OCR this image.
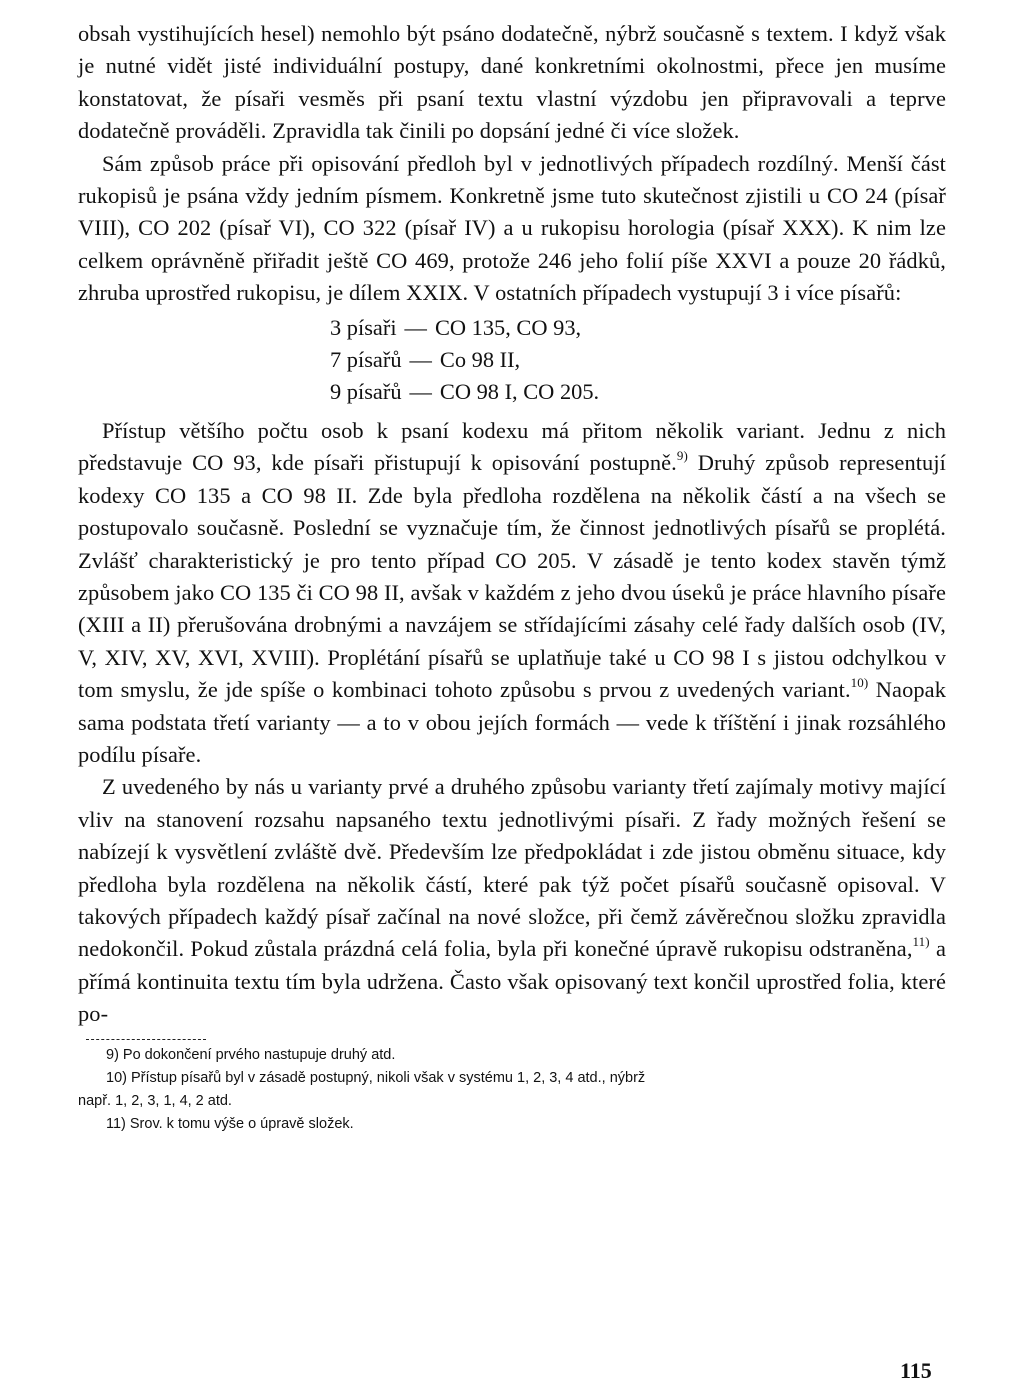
obsah vystihujících hesel) nemohlo být psáno dodatečně, nýbrž současně s textem. I když však je nutné vidět jisté individuální postupy, dané konkretními okolnostmi, přece jen musíme konstatovat, že písaři vesměs při psaní textu vlastní výzdobu jen připravovali a teprve dodatečně prováděli. Zpravidla tak činili po dopsání jedné či více složek.

Sám způsob práce při opisování předloh byl v jednotlivých případech rozdílný. Menší část rukopisů je psána vždy jedním písmem. Konkretně jsme tuto skutečnost zjistili u CO 24 (písař VIII), CO 202 (písař VI), CO 322 (písař IV) a u rukopisu horologia (písař XXX). K nim lze celkem oprávněně přiřadit ještě CO 469, protože 246 jeho folií píše XXVI a pouze 20 řádků, zhruba uprostřed rukopisu, je dílem XXIX. V ostatních případech vystupují 3 i více písařů:

3 písaři — CO 135, CO 93,
7 písařů — Co 98 II,
9 písařů — CO 98 I, CO 205.

Přístup většího počtu osob k psaní kodexu má přitom několik variant. Jednu z nich představuje CO 93, kde písaři přistupují k opisování postupně.$^{9)}$ Druhý způsob representují kodexy CO 135 a CO 98 II. Zde byla předloha rozdělena na několik částí a na všech se postupovalo současně. Poslední se vyznačuje tím, že činnost jednotlivých písařů se proplétá. Zvlášť charakteristický je pro tento případ CO 205. V zásadě je tento kodex stavěn týmž způsobem jako CO 135 či CO 98 II, avšak v každém z jeho dvou úseků je práce hlavního písaře (XIII a II) přerušována drobnými a navzájem se střídajícími zásahy celé řady dalších osob (IV, V, XIV, XV, XVI, XVIII). Proplétání písařů se uplatňuje také u CO 98 I s jistou odchylkou v tom smyslu, že jde spíše o kombinaci tohoto způsobu s prvou z uvedených variant.$^{10)}$ Naopak sama podstata třetí varianty — a to v obou jejích formách — vede k tříštění i jinak rozsáhlého podílu písaře.

Z uvedeného by nás u varianty prvé a druhého způsobu varianty třetí zajímaly motivy mající vliv na stanovení rozsahu napsaného textu jednotlivými písaři. Z řady možných řešení se nabízejí k vysvětlení zvláště dvě. Především lze předpokládat i zde jistou obměnu situace, kdy předloha byla rozdělena na několik částí, které pak týž počet písařů současně opisoval. V takových případech každý písař začínal na nové složce, při čemž závěrečnou složku zpravidla nedokončil. Pokud zůstala prázdná celá folia, byla při konečné úpravě rukopisu odstraněna,$^{11)}$ a přímá kontinuita textu tím byla udržena. Často však opisovaný text končil uprostřed folia, které po-

9) Po dokončení prvého nastupuje druhý atd.

10) Přístup písařů byl v zásadě postupný, nikoli však v systému 1, 2, 3, 4 atd., nýbrž

např. 1, 2, 3, 1, 4, 2 atd.

11) Srov. k tomu výše o úpravě složek.

115
